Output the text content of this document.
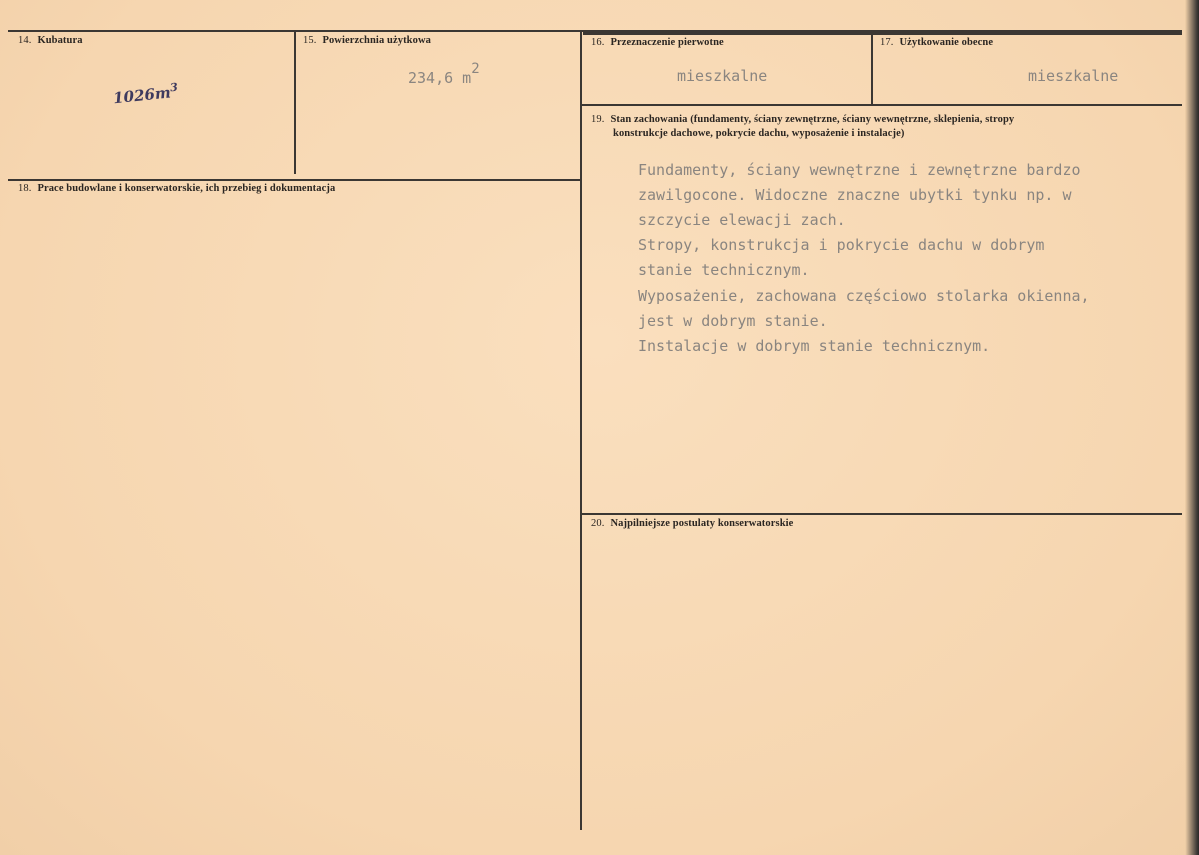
14. Kubatura
$1026m^3$
15. Powierzchnia użytkowa
234,6 $m^2$
16. Przeznaczenie pierwotne
mieszkalne
17. Użytkowanie obecne
mieszkalne
18. Prace budowlane i konserwatorskie, ich przebieg i dokumentacja
19. Stan zachowania (fundamenty, ściany zewnętrzne, ściany wewnętrzne, sklepienia, stropy
konstrukcje dachowe, pokrycie dachu, wyposażenie i instalacje)
Fundamenty, ściany wewnętrzne i zewnętrzne bardzo
zawilgocone. Widoczne znaczne ubytki tynku np. w
szczycie elewacji zach.
Stropy, konstrukcja i pokrycie dachu w dobrym
stanie technicznym.
Wyposażenie, zachowana częściowo stolarka okienna,
jest w dobrym stanie.
Instalacje w dobrym stanie technicznym.
20. Najpilniejsze postulaty konserwatorskie
